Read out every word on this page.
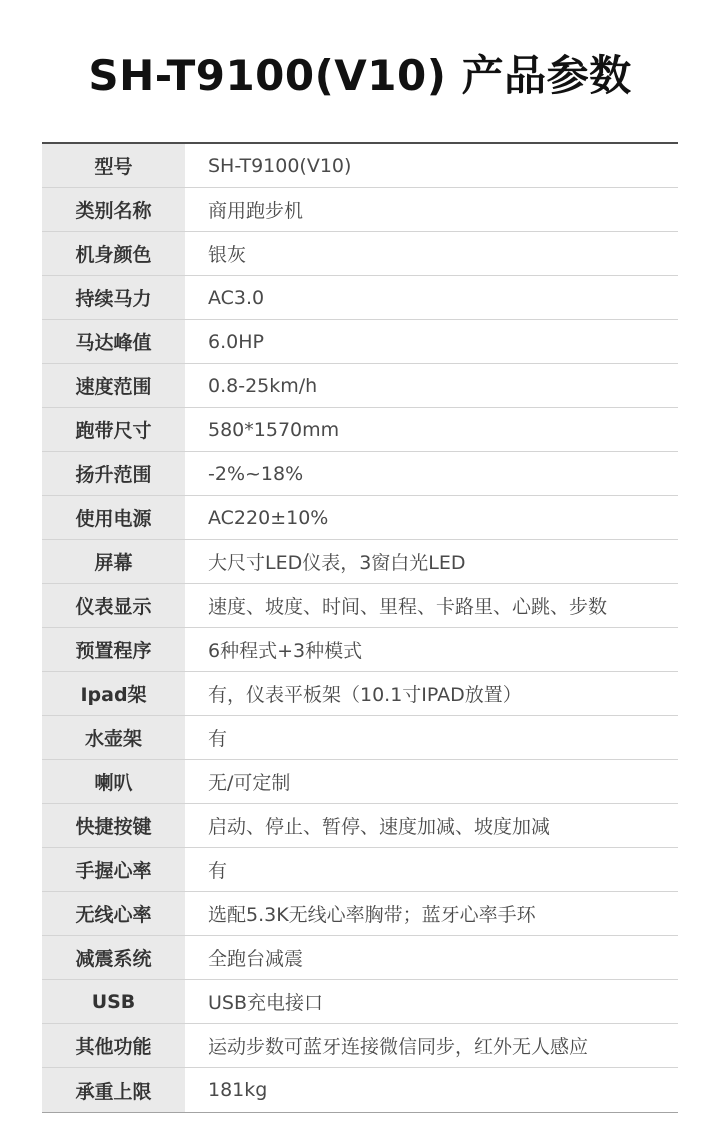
SH-T9100(V10) 产品参数
型号	SH-T9100(V10)
类别名称	商用跑步机
机身颜色	银灰
持续马力	AC3.0
马达峰值	6.0HP
速度范围	0.8-25km/h
跑带尺寸	580*1570mm
扬升范围	-2%~18%
使用电源	AC220±10%
屏幕	大尺寸LED仪表，3窗白光LED
仪表显示	速度、坡度、时间、里程、卡路里、心跳、步数
预置程序	6种程式+3种模式
Ipad架	有，仪表平板架（10.1寸IPAD放置）
水壶架	有
喇叭	无/可定制
快捷按键	启动、停止、暂停、速度加减、坡度加减
手握心率	有
无线心率	选配5.3K无线心率胸带；蓝牙心率手环
减震系统	全跑台减震
USB	USB充电接口
其他功能	运动步数可蓝牙连接微信同步，红外无人感应
承重上限	181kg
